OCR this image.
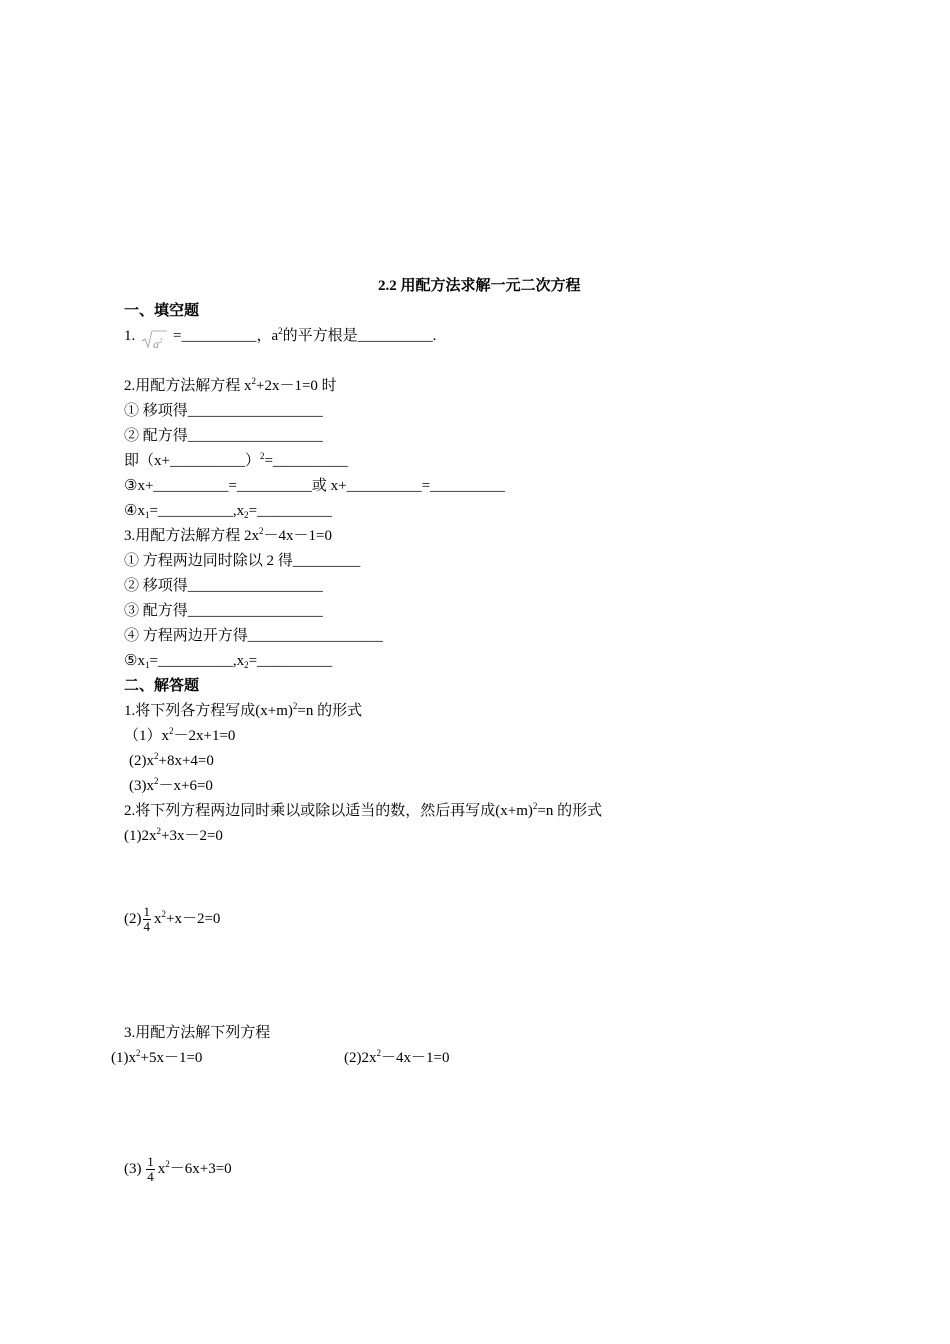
2.2 用配方法求解一元二次方程
一、填空题
1. $a^2$ =__________，$a^2$的平方根是__________.
2.用配方法解方程 $x^2+2x-1=0$ 时
① 移项得__________________
② 配方得__________________
即（x+__________）$^2$=__________
③x+__________=__________或 x+__________=__________
$④x_1=\_\_\_\_\_\_\_\_\_\_,x_2=\_\_\_\_\_\_\_\_\_\_$
3.用配方法解方程 $2x^2-4x-1=0$
① 方程两边同时除以 2 得_________
② 移项得__________________
③ 配方得__________________
④ 方程两边开方得__________________
$⑤x_1=\_\_\_\_\_\_\_\_\_\_,x_2=\_\_\_\_\_\_\_\_\_\_$
二、解答题
1.将下列各方程写成$(x+m)^2=n$ 的形式
$(1)x^2-2x+1=0$
$(2)x^2+8x+4=0$
$(3)x^2-x+6=0$
2.将下列方程两边同时乘以或除以适当的数，然后再写成$(x+m)^2=n$ 的形式
$(1)2x^2+3x-2=0$
$(2) \frac{1}{4} x^2+x-2=0$
3.用配方法解下列方程
$(1)x^2+5x-1=0$	$(2)2x^2-4x-1=0$
$(3) \frac{1}{4} x^2-6x+3=0$
